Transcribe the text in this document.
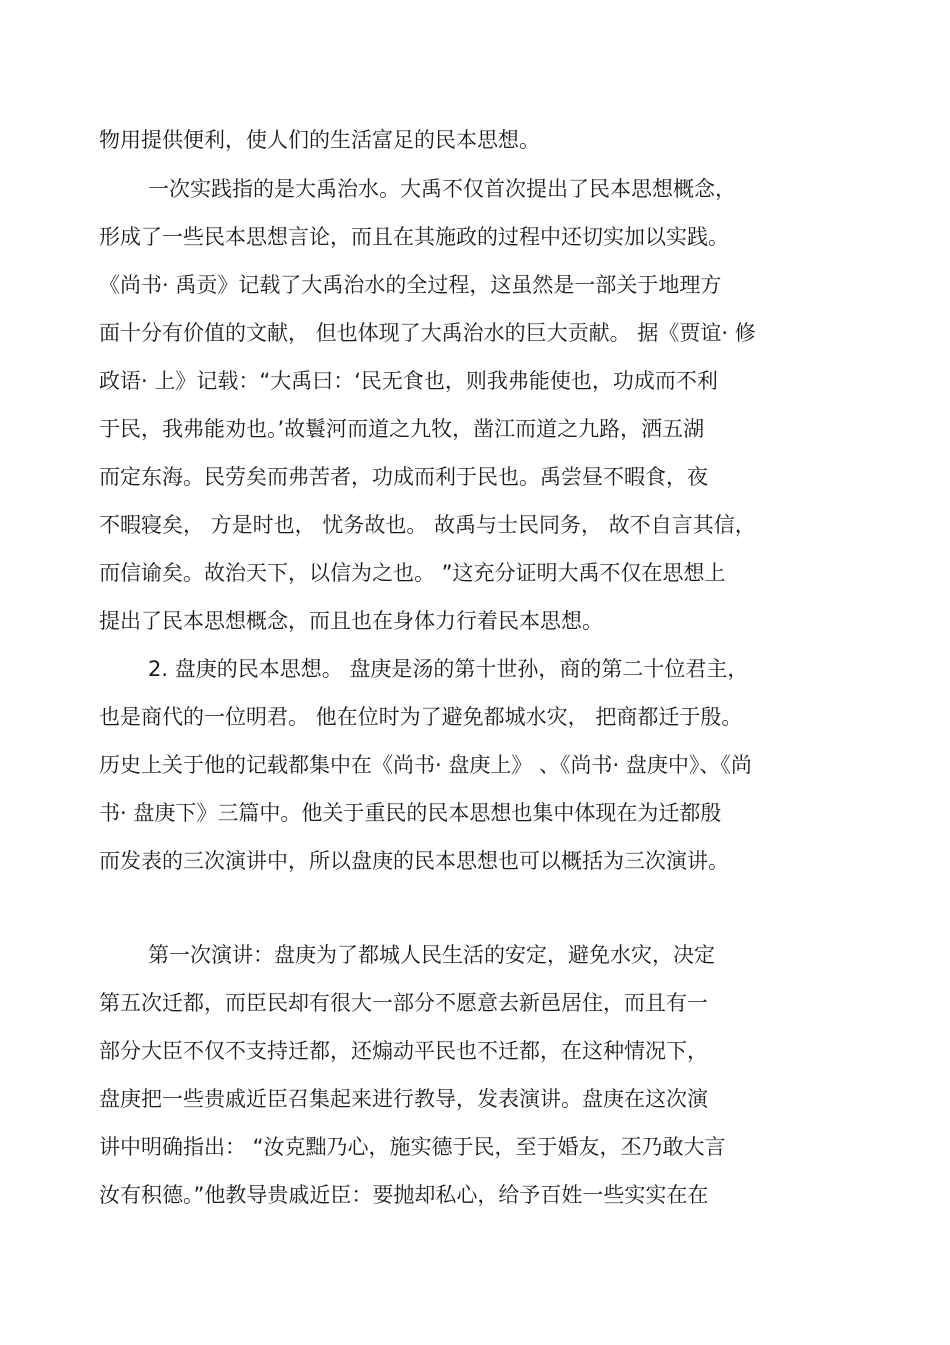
物用提供便利，使人们的生活富足的民本思想。

一次实践指的是大禹治水。大禹不仅首次提出了民本思想概念，

形成了一些民本思想言论，而且在其施政的过程中还切实加以实践。

《尚书· 禹贡》记载了大禹治水的全过程，这虽然是一部关于地理方

面十分有价值的文献， 但也体现了大禹治水的巨大贡献。 据《贾谊· 修

政语· 上》记载：“大禹曰：‘民无食也，则我弗能使也，功成而不利

于民，我弗能劝也。’故鬟河而道之九牧，凿江而道之九路，洒五湖

而定东海。民劳矣而弗苦者，功成而利于民也。禹尝昼不暇食，夜

不暇寝矣， 方是时也， 忧务故也。 故禹与士民同务， 故不自言其信，

而信谕矣。故治天下，以信为之也。 ”这充分证明大禹不仅在思想上

提出了民本思想概念，而且也在身体力行着民本思想。

2. 盘庚的民本思想。 盘庚是汤的第十世孙，商的第二十位君主，

也是商代的一位明君。 他在位时为了避免都城水灾， 把商都迁于殷。

历史上关于他的记载都集中在《尚书· 盘庚上》 、《尚书· 盘庚中》、《尚

书· 盘庚下》三篇中。他关于重民的民本思想也集中体现在为迁都殷

而发表的三次演讲中，所以盘庚的民本思想也可以概括为三次演讲。

第一次演讲：盘庚为了都城人民生活的安定，避免水灾，决定

第五次迁都，而臣民却有很大一部分不愿意去新邑居住，而且有一

部分大臣不仅不支持迁都，还煽动平民也不迁都，在这种情况下，

盘庚把一些贵戚近臣召集起来进行教导，发表演讲。盘庚在这次演

讲中明确指出： “汝克黜乃心，施实德于民，至于婚友，丕乃敢大言

汝有积德。”他教导贵戚近臣：要抛却私心，给予百姓一些实实在在
